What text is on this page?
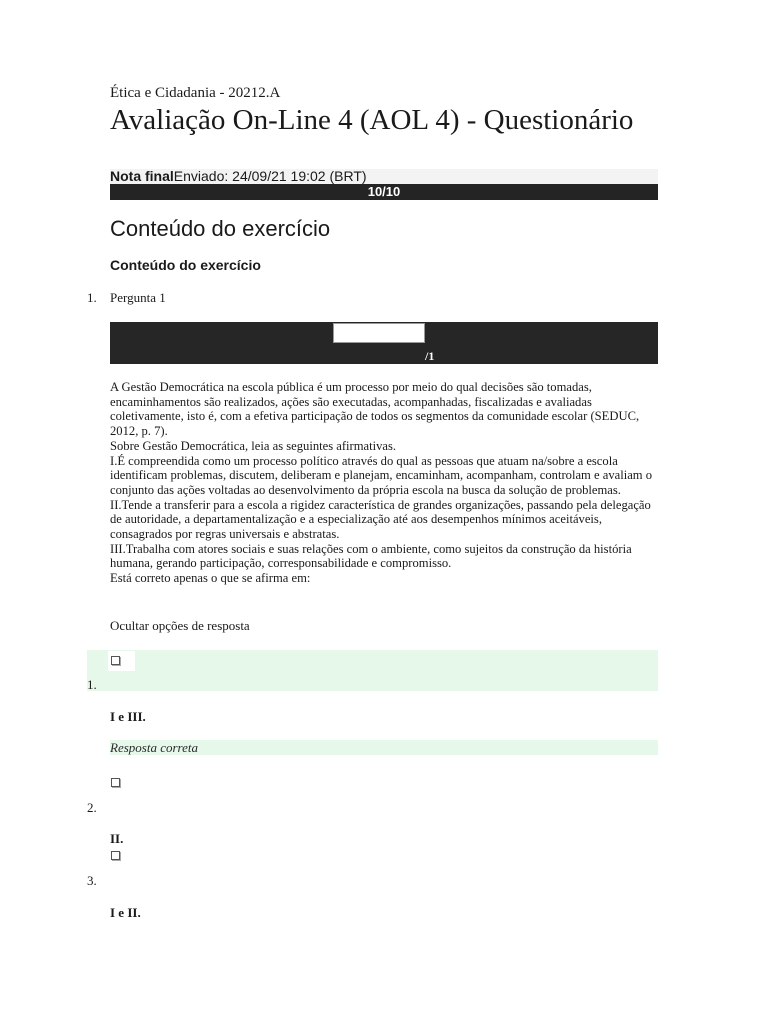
Ética e Cidadania - 20212.A
Avaliação On-Line 4 (AOL 4) - Questionário
Nota finalEnviado: 24/09/21 19:02 (BRT)
10/10
Conteúdo do exercício
Conteúdo do exercício
1. Pergunta 1
/1

A Gestão Democrática na escola pública é um processo por meio do qual decisões são tomadas, encaminhamentos são realizados, ações são executadas, acompanhadas, fiscalizadas e avaliadas coletivamente, isto é, com a efetiva participação de todos os segmentos da comunidade escolar (SEDUC, 2012, p. 7).

Sobre Gestão Democrática, leia as seguintes afirmativas.

I.É compreendida como um processo político através do qual as pessoas que atuam na/sobre a escola identificam problemas, discutem, deliberam e planejam, encaminham, acompanham, controlam e avaliam o conjunto das ações voltadas ao desenvolvimento da própria escola na busca da solução de problemas.

II.Tende a transferir para a escola a rigidez característica de grandes organizações, passando pela delegação de autoridade, a departamentalização e a especialização até aos desempenhos mínimos aceitáveis, consagrados por regras universais e abstratas.

III.Trabalha com atores sociais e suas relações com o ambiente, como sujeitos da construção da história humana, gerando participação, corresponsabilidade e compromisso.

Está correto apenas o que se afirma em:

Ocultar opções de resposta
1.
I e III.
Resposta correta
2.
II.
3.
I e II.
